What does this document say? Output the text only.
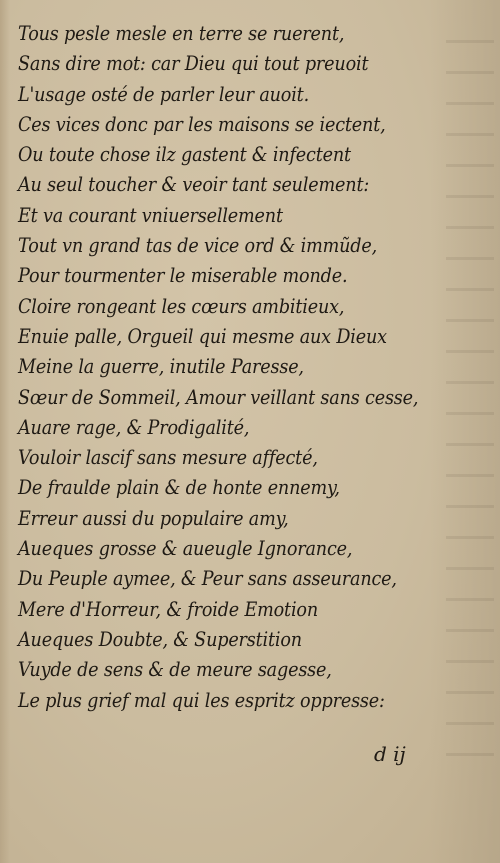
Tous pesle mesle en terre se ruerent,
Sans dire mot: car Dieu qui tout preuoit
L'usage osté de parler leur auoit.
Ces vices donc par les maisons se iectent,
Ou toute chose ilz gastent & infectent
Au seul toucher & veoir tant seulement:
Et va courant vniuersellement
Tout vn grand tas de vice ord & immũde,
Pour tourmenter le miserable monde.
Cloire rongeant les cœurs ambitieux,
Enuie palle, Orgueil qui mesme aux Dieux
Meine la guerre, inutile Paresse,
Sœur de Sommeil, Amour veillant sans cesse,
Auare rage, & Prodigalité,
Vouloir lascif sans mesure affecté,
De fraulde plain & de honte ennemy,
Erreur aussi du populaire amy,
Aueques grosse & aueugle Ignorance,
Du Peuple aymee, & Peur sans asseurance,
Mere d'Horreur, & froide Emotion
Aueques Doubte, & Superstition
Vuyde de sens & de meure sagesse,
Le plus grief mal qui les espritz oppresse:
d ij
